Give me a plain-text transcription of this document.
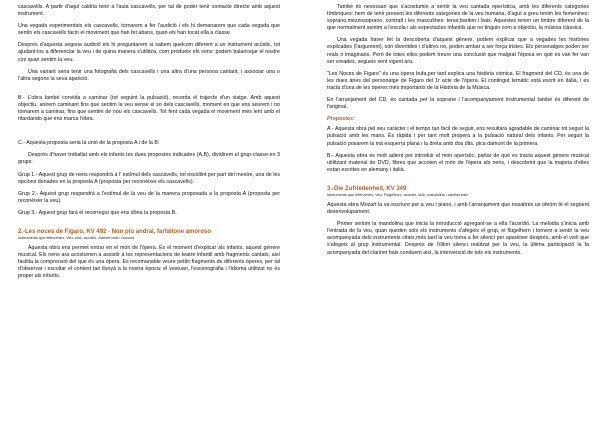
cascavells. A partir d'aquí caldria tenir a l'aula cascavells, per tal de poder tenir contacte directe amb aquest instrument.

Una vegada experimentats els cascavells, tornarem a fer l'audició i els hi demanarem que cada vegada que sentin els cascavells facin el moviment que han fet abans, quan els han tocat ella a classe.

Després d'aquesta segona audició els hi preguntarem si sabem quelcom diferent a un instrument acústic, tot ajudant-los a diferenciar la veu i de quina manera s'utilitza, com produeix els sons: podem balancejar el nostre cos quan sentim la veu.

Una variant seria tenir una fotografia dels cascavells i una altra d'una persona cantant, i associar una o l'altra segons la seva aparició.

B.- L'obra també convida a caminar (tot seguint la pulsació), recorda el trajecte d'un viatge. Amb aquest objectiu, anirem caminant fins que sentim la veu sense el so dels cascavells, moment en que ens seurem i no tornarem a caminar, fins que sentim de nou els cascavells. Tot fent cada vegada el moviment més lent amb el ritardando que ens marca l'obra.

C.- Aquesta proposta seria la unió de la proposta A i de la B:

Després d'haver treballat amb els infants les dues propostes indicades (A,B), dividirem el grup-classe en 3 grups:

Grup 1.- Aquest grup de nens respondrà a l' estímul dels cascavells, tot escollint per part del mestre, una de les opcions donades en la proposta A (proposta per reconèixer els cascavells).

Grup 2.- Aquest grup respondrà a l'estímul de la veu de la manera proposada a la proposta A (proposta per reconèixer la veu).

Grup 3.- Aquest grup farà el recorregut que ens dóna la proposta B.

2.-Les noces de Figaro, KV 492 - Non più andrai, farfallone amoroso

Instruments que intervenen: Veu, violí, acordió, clarinet baix i Douces

Aquesta obra ens permet entrar en el món de l'òpera. És el moment d'explicar als infants, aquest gènere musical. Els nens ara acostumen a assistir a les representacions de teatre infantil amb fragments cantats, així facilita la comprensió del que és una òpera. Es recomanable veure petits fragments de diferents òperes, per tal d'observar i escoltar el context tan llunyà a la nostra època: el vestuari, l'escenografia i l'idioma utilitzat no és proper als infants.

També és necessari que s'acostumin a sentir la veu cantada operística, amb les diferents categories tímbriques: hem de tenir present les diferents categories de la veu humana, d'agut a greu tenim les femenines: soprano,mezzosoprano, contralt i les masculines: tenor,bariton i baix. Aquestes tenen un timbre diferent de la que normalment sentim a l'escola i als espectacles infantils que no tinguin com a objectiu, la música clàssica.

Una vegada haver fet la descoberta d'aquest gènere, podem explicar que a vegades les històries explicades (l'argument), són divertides i d'altres no, poden ambar a ser força tristes. Els personatges poden ser reals o imaginaris. Però de totes elles podem treure una conclusió que malgrat l'època en què es van fer van ser creades, segueix sent vigent ara.

"Les Noces de Figaro" és una òpera bufa,per tant explica una història còmica. El fragment del CD, és una de les dues àries del personatge de Figaro del 1r acte de l'òpera. El contingut temàtic està escrit en italià, i es tracta d'una de les òperes més importants de la Història de la Música.

En l'arranjament del CD, és cantada per la soprano i l'acompanyament instrumental també és diferent de l'original.

Propostes:

A.- Aquesta obra pel seu caràcter i el tempo tan fàcil de seguir, ens resultarà agradable de caminar tot seguir la pulsació amb les mans. És ràpida i per tant molt propera a la pulsació natural dels infants. Per seguir la pulsació posarem la mà esquerra plana i la dreta amb dos dits, pica damunt de la primera.

B.- Aquesta obra és molt adient per introduir el món operístic, partar de què es tracta aquest gènere musical utilitzant material de DVD, fibres que accoten el món de l'òpera als nens, i descobrint que la majoria d'elles estan escrites en alemany i italià.

3.-Die Zufriedenheit, KV 349

Instruments que intervenen: Veu, Flügelhorn, acordió, violí, mandolina i clarinet baix

Aquesta obra Mozart la va escriure per a veu i piano, i amb l'arranjament que nosaltres us oferim té el següent desenvolupament:

Primer sentim la mandolina que inicia la introducció agregant-se a ella l'acordió. La melodia s'inicia amb l'entrada de la veu, quan queden sols els instruments s'afegeix el grup, el flügelhorn i tornem a sentir la veu acompanyada dels instruments citats,més tard la veu torna a fer silenci per aparèixer després, amb el violí que s'afegeix al grup instrumental. Després de l'últim silenci realitzat per la veu, la última participació la fa acompanyada del clarinet baix conduent així, la intervenció de tots els instruments.
